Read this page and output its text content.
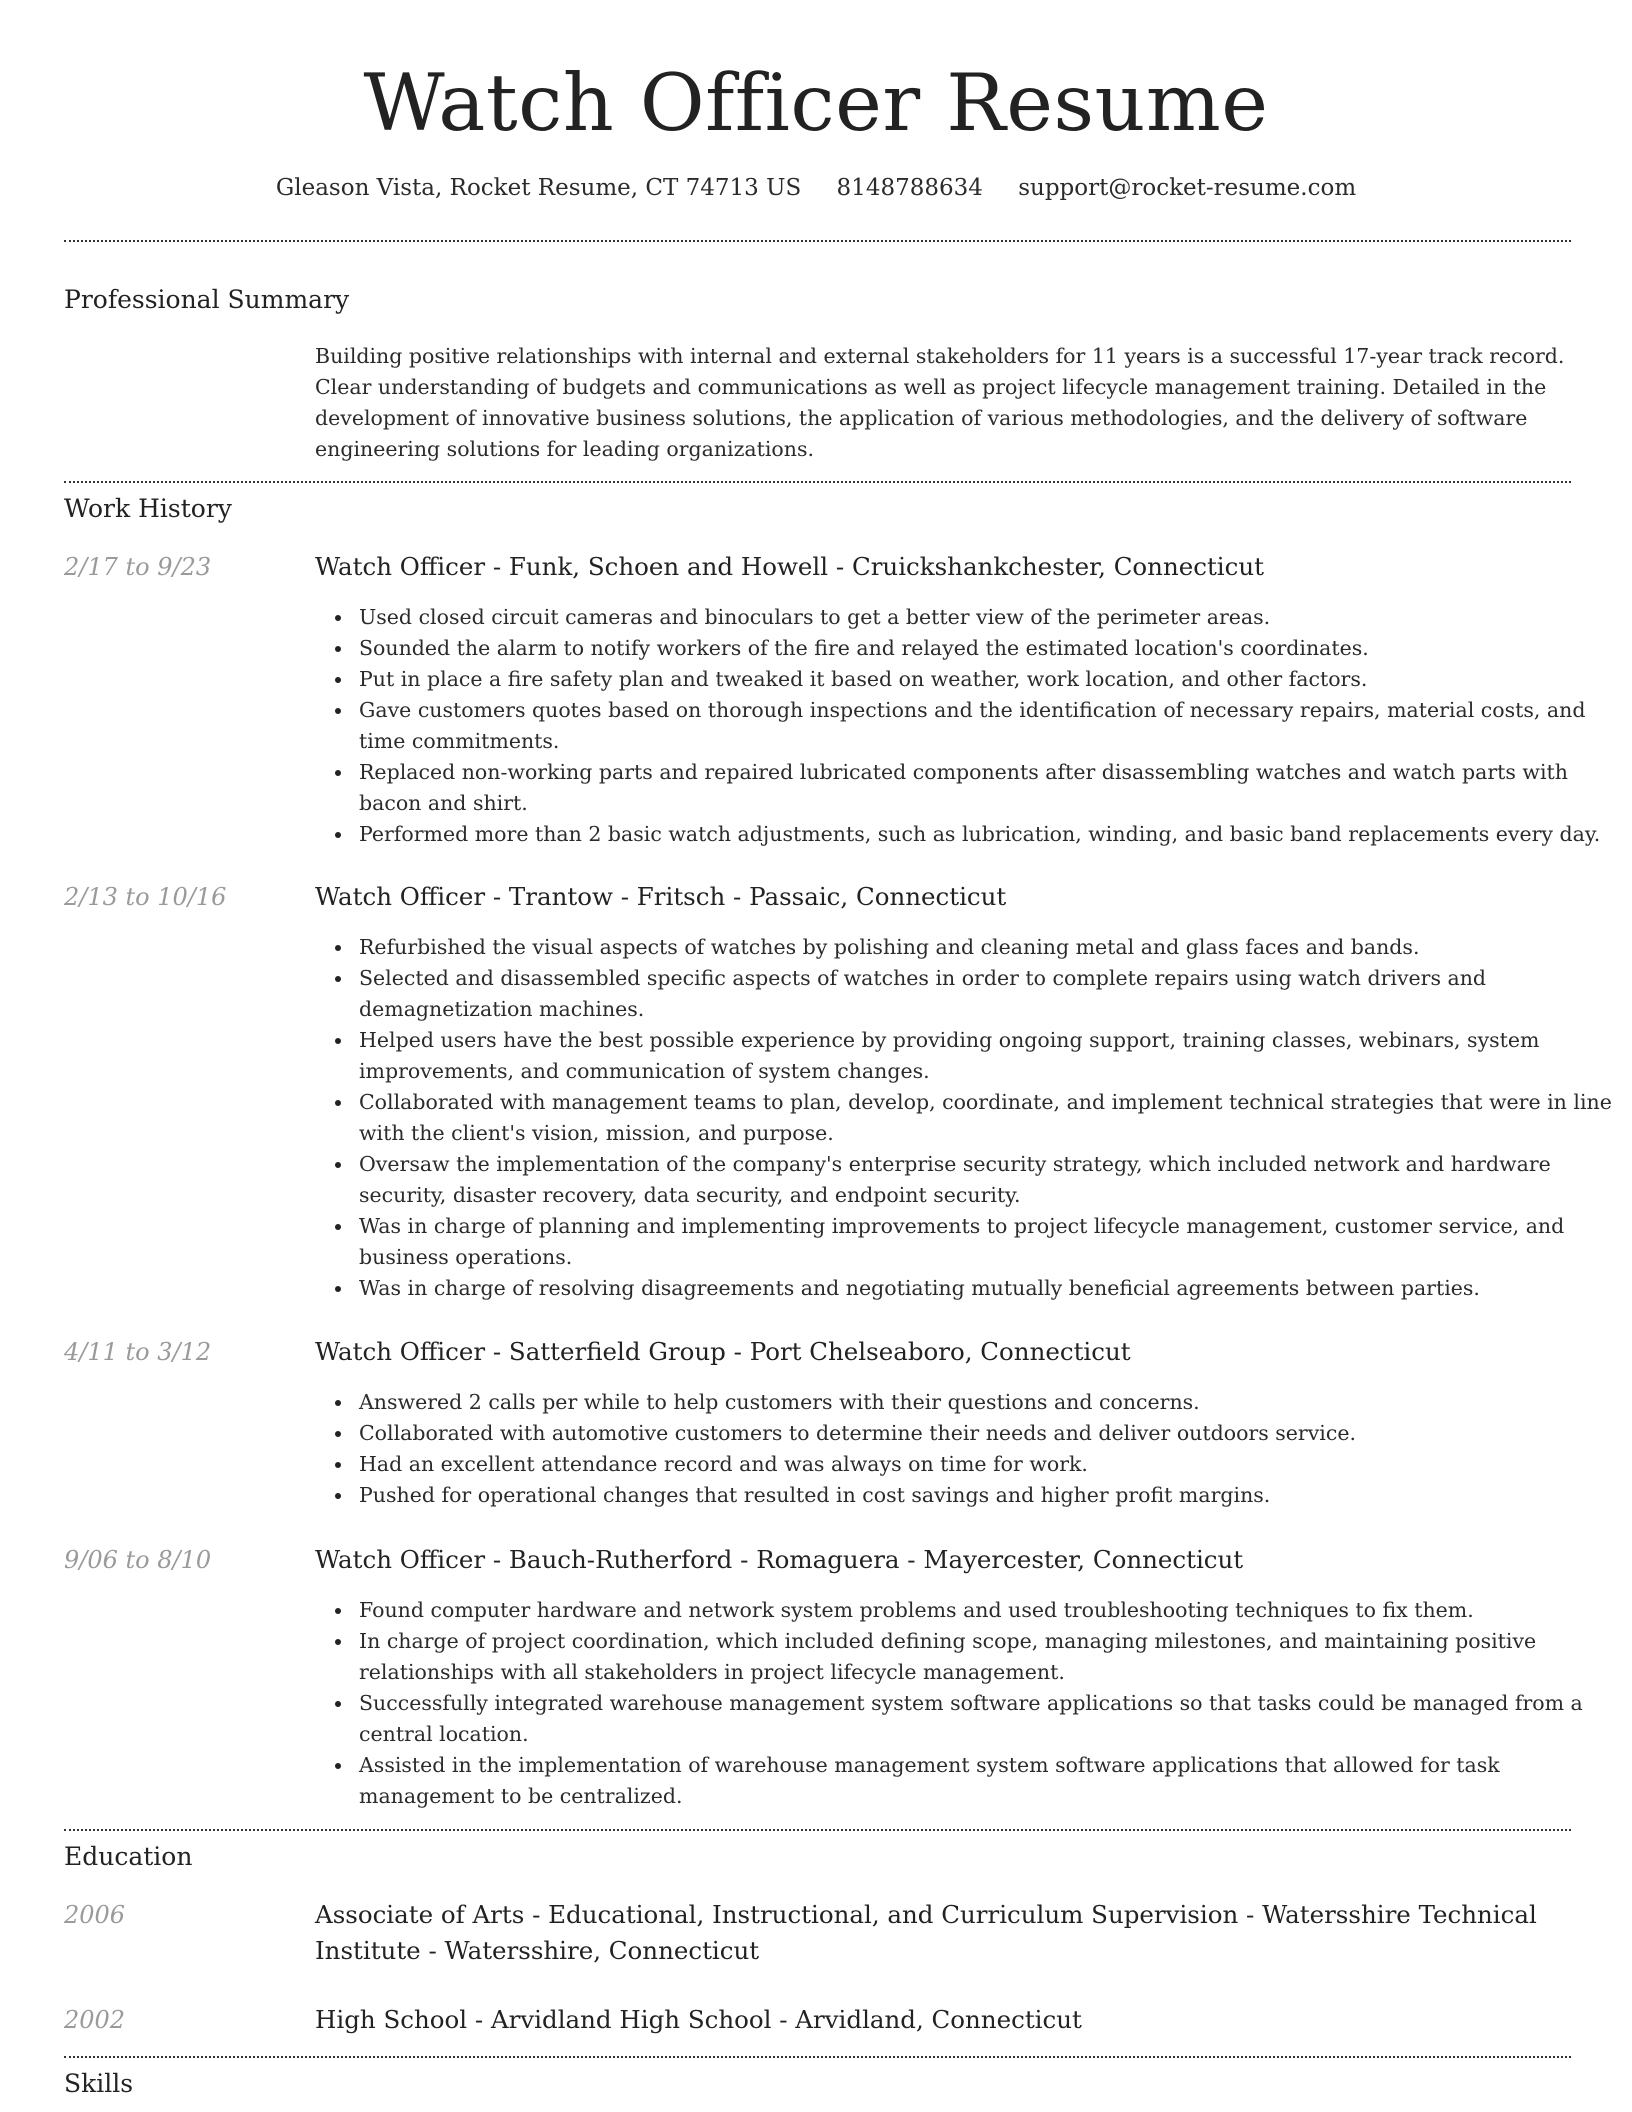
Watch Officer Resume
Gleason Vista, Rocket Resume, CT 74713 US 8148788634 support@rocket-resume.com
Professional Summary

Building positive relationships with internal and external stakeholders for 11 years is a successful 17-year track record. Clear understanding of budgets and communications as well as project lifecycle management training. Detailed in the development of innovative business solutions, the application of various methodologies, and the delivery of software engineering solutions for leading organizations.

Work History
2/17 to 9/23	Watch Officer - Funk, Schoen and Howell - Cruickshankchester, Connecticut
Used closed circuit cameras and binoculars to get a better view of the perimeter areas.
Sounded the alarm to notify workers of the fire and relayed the estimated location's coordinates.
Put in place a fire safety plan and tweaked it based on weather, work location, and other factors.
Gave customers quotes based on thorough inspections and the identification of necessary repairs, material costs, and time commitments.
Replaced non-working parts and repaired lubricated components after disassembling watches and watch parts with bacon and shirt.
Performed more than 2 basic watch adjustments, such as lubrication, winding, and basic band replacements every day.
2/13 to 10/16	Watch Officer - Trantow - Fritsch - Passaic, Connecticut
Refurbished the visual aspects of watches by polishing and cleaning metal and glass faces and bands.
Selected and disassembled specific aspects of watches in order to complete repairs using watch drivers and demagnetization machines.
Helped users have the best possible experience by providing ongoing support, training classes, webinars, system improvements, and communication of system changes.
Collaborated with management teams to plan, develop, coordinate, and implement technical strategies that were in line with the client's vision, mission, and purpose.
Oversaw the implementation of the company's enterprise security strategy, which included network and hardware security, disaster recovery, data security, and endpoint security.
Was in charge of planning and implementing improvements to project lifecycle management, customer service, and business operations.
Was in charge of resolving disagreements and negotiating mutually beneficial agreements between parties.
4/11 to 3/12	Watch Officer - Satterfield Group - Port Chelseaboro, Connecticut
Answered 2 calls per while to help customers with their questions and concerns.
Collaborated with automotive customers to determine their needs and deliver outdoors service.
Had an excellent attendance record and was always on time for work.
Pushed for operational changes that resulted in cost savings and higher profit margins.
9/06 to 8/10	Watch Officer - Bauch-Rutherford - Romaguera - Mayercester, Connecticut
Found computer hardware and network system problems and used troubleshooting techniques to fix them.
In charge of project coordination, which included defining scope, managing milestones, and maintaining positive relationships with all stakeholders in project lifecycle management.
Successfully integrated warehouse management system software applications so that tasks could be managed from a central location.
Assisted in the implementation of warehouse management system software applications that allowed for task management to be centralized.
Education
2006	Associate of Arts - Educational, Instructional, and Curriculum Supervision - Watersshire Technical Institute - Watersshire, Connecticut
2002	High School - Arvidland High School - Arvidland, Connecticut
Skills
